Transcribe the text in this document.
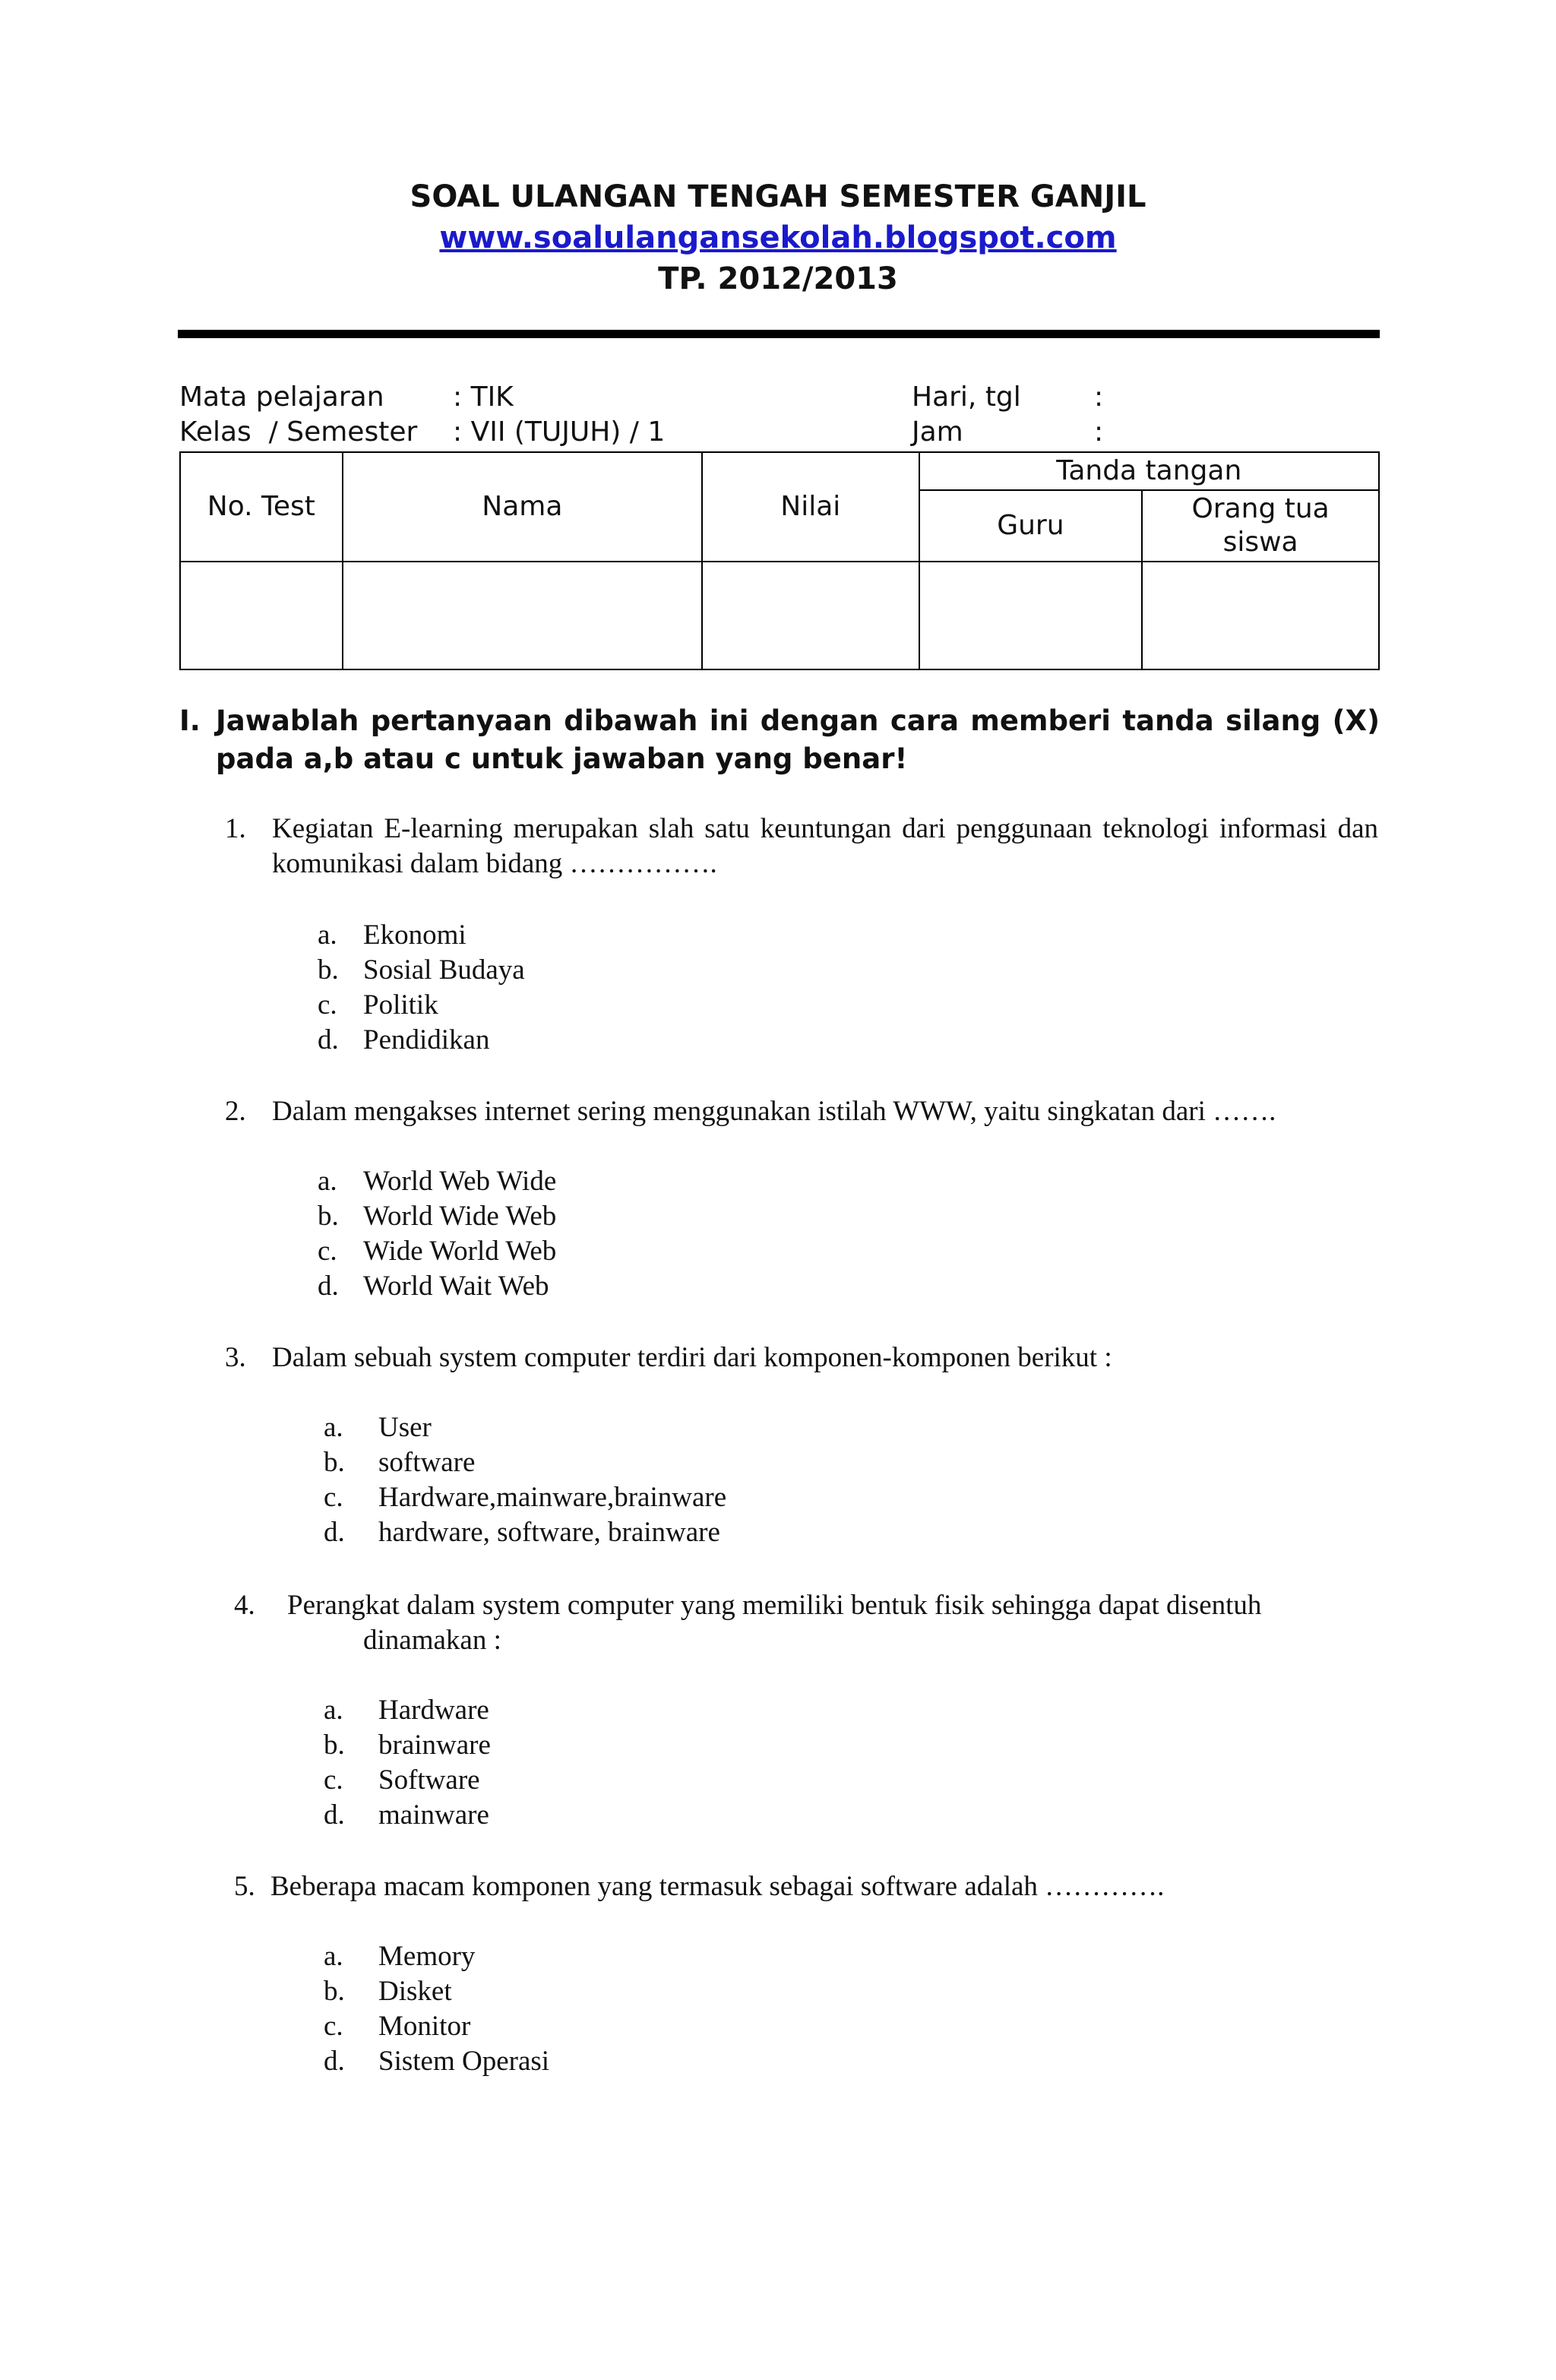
SOAL ULANGAN TENGAH SEMESTER GANJIL
www.soalulangansekolah.blogspot.com
TP. 2012/2013
Mata pelajaran	: TIK
Kelas  / Semester : VII (TUJUH) / 1
Hari, tgl	:
Jam	:
No. Test	Nama	Nilai	Tanda tangan	
			Guru	Orang tua siswa

I. Jawablah pertanyaan dibawah ini dengan cara memberi tanda silang (X) pada a,b atau c untuk jawaban yang benar!
1. Kegiatan E-learning merupakan slah satu keuntungan dari penggunaan teknologi informasi dan komunikasi dalam bidang …………….
a. Ekonomi
b. Sosial Budaya
c. Politik
d. Pendidikan
2. Dalam mengakses internet sering menggunakan istilah WWW, yaitu singkatan dari …….
a. World Web Wide
b. World Wide Web
c. Wide World Web
d. World Wait Web
3. Dalam sebuah system computer terdiri dari komponen-komponen berikut :
a. User
b. software
c. Hardware,mainware,brainware
d. hardware, software, brainware
4. Perangkat dalam system computer yang memiliki bentuk fisik sehingga dapat disentuh
dinamakan :
a. Hardware
b. brainware
c. Software
d. mainware
5. Beberapa macam komponen yang termasuk sebagai software adalah ………….
a. Memory
b. Disket
c. Monitor
d. Sistem Operasi
